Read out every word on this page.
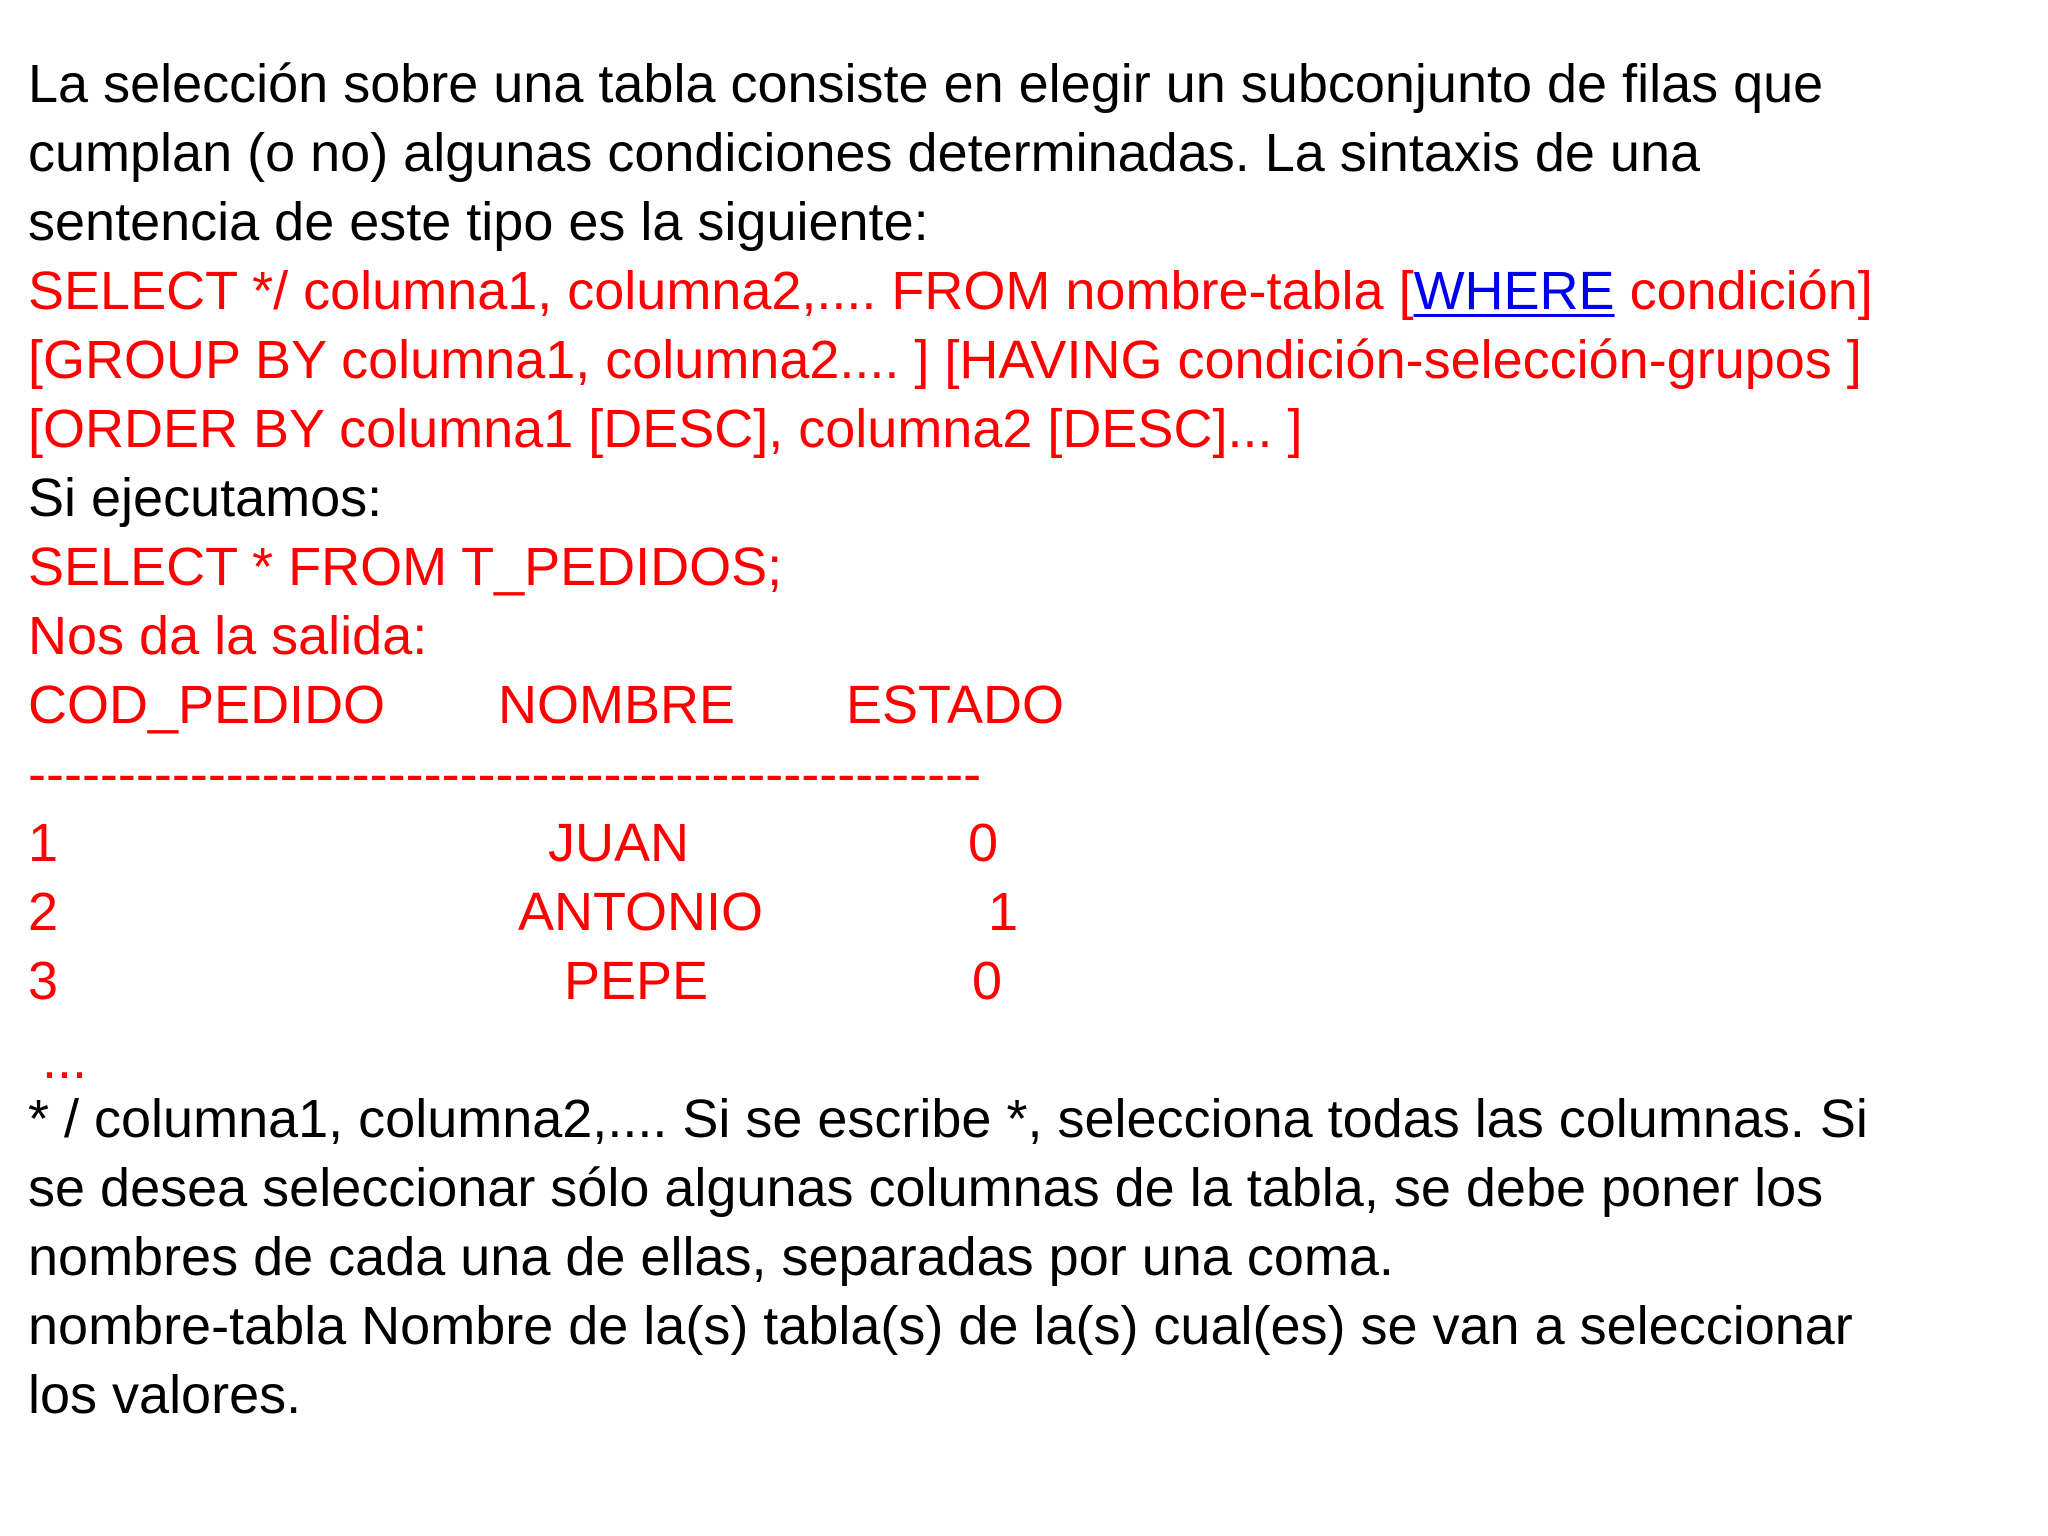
La selección sobre una tabla consiste en elegir un subconjunto de filas que
cumplan (o no) algunas condiciones determinadas. La sintaxis de una
sentencia de este tipo es la siguiente:
SELECT */ columna1, columna2,.... FROM nombre-tabla [WHERE condición]
[GROUP BY columna1, columna2.... ] [HAVING condición-selección-grupos ]
[ORDER BY columna1 [DESC], columna2 [DESC]... ]
Si ejecutamos:
SELECT * FROM T_PEDIDOS;
Nos da la salida:
COD_PEDIDO NOMBRE ESTADO
-----------------------------------------------------
1	JUAN	0
2	ANTONIO	1
3	PEPE	0
...
* / columna1, columna2,.... Si se escribe *, selecciona todas las columnas. Si
se desea seleccionar sólo algunas columnas de la tabla, se debe poner los
nombres de cada una de ellas, separadas por una coma.
nombre-tabla Nombre de la(s) tabla(s) de la(s) cual(es) se van a seleccionar
los valores.
